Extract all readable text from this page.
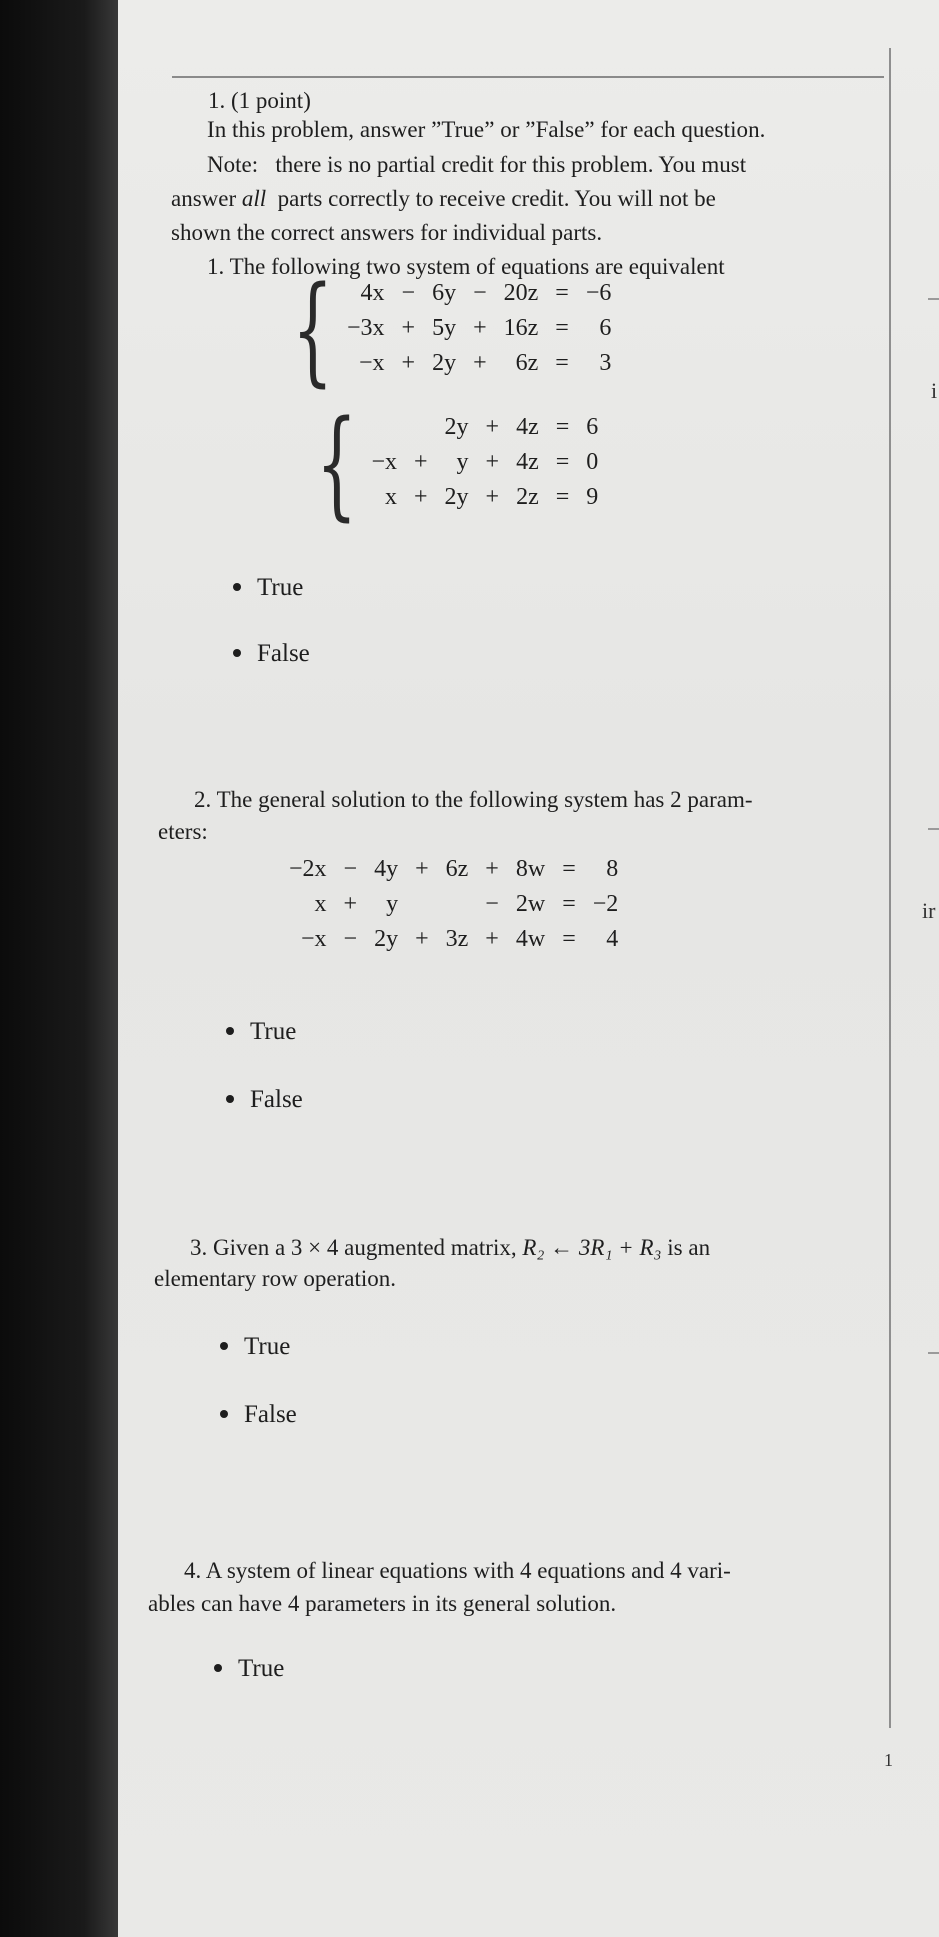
i
ir
1
1. (1 point)
In this problem, answer ”True” or ”False” for each question.
Note: there is no partial credit for this problem. You must
answer all parts correctly to receive credit. You will not be
shown the correct answers for individual parts.
1. The following two system of equations are equivalent
{ 4x	−	6y	−	20z	=	−6
−3x	+	5y	+	16z	=	6
−x	+	2y	+	6z	=	3
{
			2y	+	4z	=	6
−x	+	y	+	4z	=	0
x	+	2y	+	2z	=	9
True
False
2. The general solution to the following system has 2 param-
eters:
−2x	−	4y	+	6z	+	8w	=	8
x	+	y			−	2w	=	−2
−x	−	2y	+	3z	+	4w	=	4
True
False
3. Given a 3 × 4 augmented matrix, R₂ ← 3R₁ + R₃ is an
elementary row operation.
True
False
4. A system of linear equations with 4 equations and 4 vari-
ables can have 4 parameters in its general solution.
True
